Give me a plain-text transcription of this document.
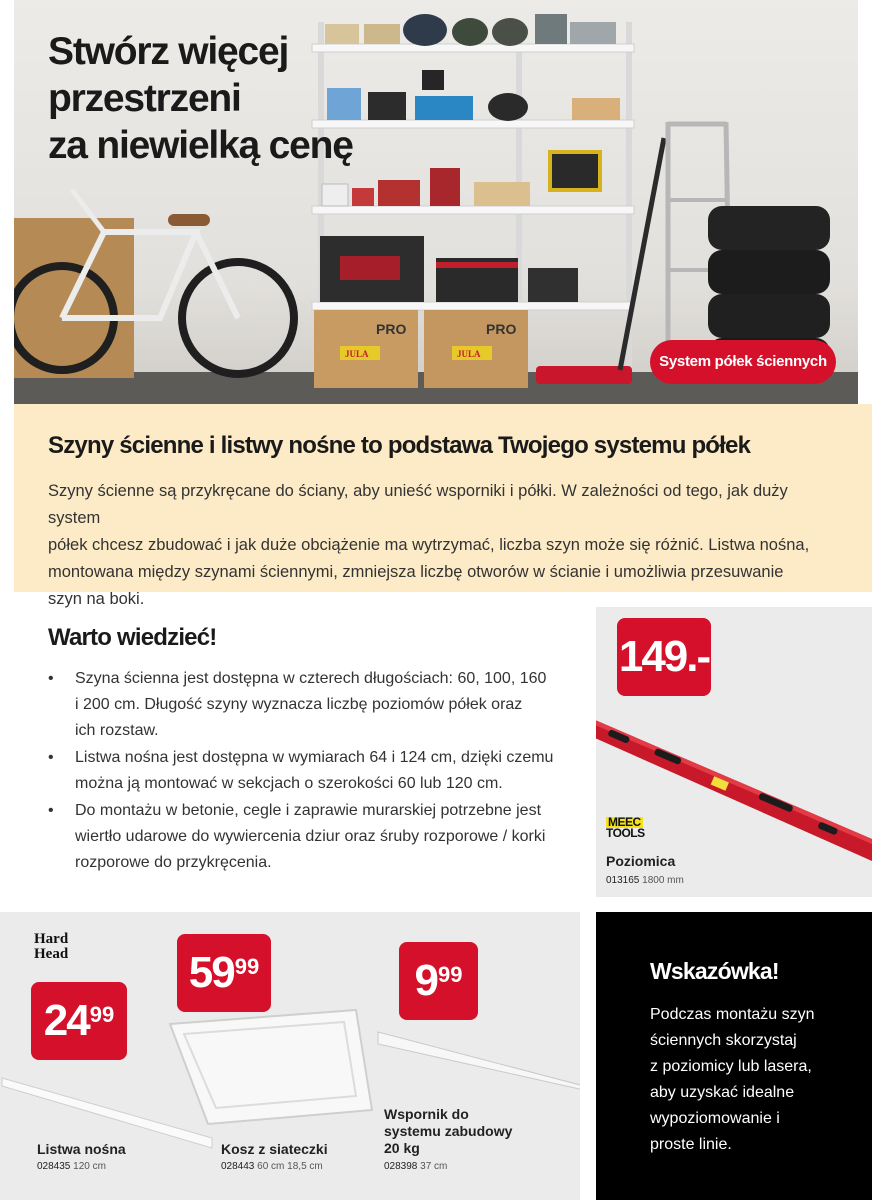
PRO	PRO
JULA	JULA
Stwórz więcej
przestrzeni
za niewielką cenę
System półek ściennych
Szyny ścienne i listwy nośne to podstawa Twojego systemu półek
Szyny ścienne są przykręcane do ściany, aby unieść wsporniki i półki. W zależności od tego, jak duży system
półek chcesz zbudować i jak duże obciążenie ma wytrzymać, liczba szyn może się różnić. Listwa nośna,
montowana między szynami ściennymi, zmniejsza liczbę otworów w ścianie i umożliwia przesuwanie
szyn na boki.
Warto wiedzieć!
• Szyna ścienna jest dostępna w czterech długościach: 60, 100, 160
i 200 cm. Długość szyny wyznacza liczbę poziomów półek oraz
ich rozstaw.
• Listwa nośna jest dostępna w wymiarach 64 i 124 cm, dzięki czemu
można ją montować w sekcjach o szerokości 60 lub 120 cm.
• Do montażu w betonie, cegle i zaprawie murarskiej potrzebne jest
wiertło udarowe do wywiercenia dziur oraz śruby rozporowe / korki
rozporowe do przykręcenia.
149.-
MEEC
TOOLS
Poziomica
013165 1800 mm
Hard
Head
$24^{99}$
$59^{99}$	$9^{99}$
Listwa nośna
028435 120 cm
Kosz z siateczki
028443 60 cm 18,5 cm
Wspornik do
systemu zabudowy
20 kg
028398 37 cm
Wskazówka!
Podczas montażu szyn
ściennych skorzystaj
z poziomicy lub lasera,
aby uzyskać idealne
wypoziomowanie i
proste linie.
